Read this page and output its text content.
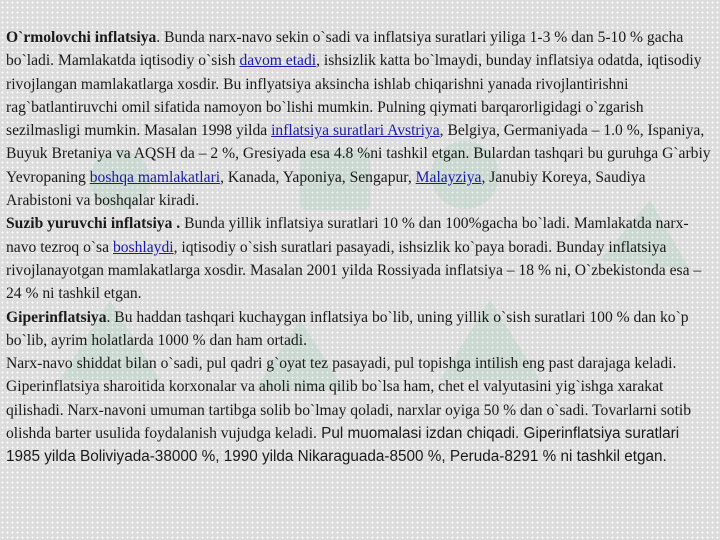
O`rmolovchi inflatsiya. Bunda narx-navo sekin o`sadi va inflatsiya suratlari yiliga 1-3 % dan 5-10 % gacha bo`ladi. Mamlakatda iqtisodiy o`sish davom etadi, ishsizlik katta bo`lmaydi, bunday inflatsiya odatda, iqtisodiy rivojlangan mamlakatlarga xosdir. Bu inflyatsiya aksincha ishlab chiqarishni yanada rivojlantirishni rag`batlantiruvchi omil sifatida namoyon bo`lishi mumkin. Pulning qiymati barqarorligidagi o`zgarish sezilmasligi mumkin. Masalan 1998 yilda inflatsiya suratlari Avstriya, Belgiya, Germaniyada – 1.0 %, Ispaniya, Buyuk Bretaniya va AQSH da – 2 %, Gresiyada esa 4.8 %ni tashkil etgan. Bulardan tashqari bu guruhga G`arbiy Yevropaning boshqa mamlakatlari, Kanada, Yaponiya, Sengapur, Malayziya, Janubiy Koreya, Saudiya Arabistoni va boshqalar kiradi.

Suzib yuruvchi inflatsiya . Bunda yillik inflatsiya suratlari 10 % dan 100%gacha bo`ladi. Mamlakatda narx-navo tezroq o`sa boshlaydi, iqtisodiy o`sish suratlari pasayadi, ishsizlik ko`paya boradi. Bunday inflatsiya rivojlanayotgan mamlakatlarga xosdir. Masalan 2001 yilda Rossiyada inflatsiya – 18 % ni, O`zbekistonda esa – 24 % ni tashkil etgan.

Giperinflatsiya. Bu haddan tashqari kuchaygan inflatsiya bo`lib, uning yillik o`sish suratlari 100 % dan ko`p bo`lib, ayrim holatlarda 1000 % dan ham ortadi.

Narx-navo shiddat bilan o`sadi, pul qadri g`oyat tez pasayadi, pul topishga intilish eng past darajaga keladi. Giperinflatsiya sharoitida korxonalar va aholi nima qilib bo`lsa ham, chet el valyutasini yig`ishga xarakat qilishadi. Narx-navoni umuman tartibga solib bo`lmay qoladi, narxlar oyiga 50 % dan o`sadi. Tovarlarni sotib olishda barter usulida foydalanish vujudga keladi. Pul muomalasi izdan chiqadi. Giperinflatsiya suratlari 1985 yilda Boliviyada-38000 %, 1990 yilda Nikaraguada-8500 %, Peruda-8291 % ni tashkil etgan.
